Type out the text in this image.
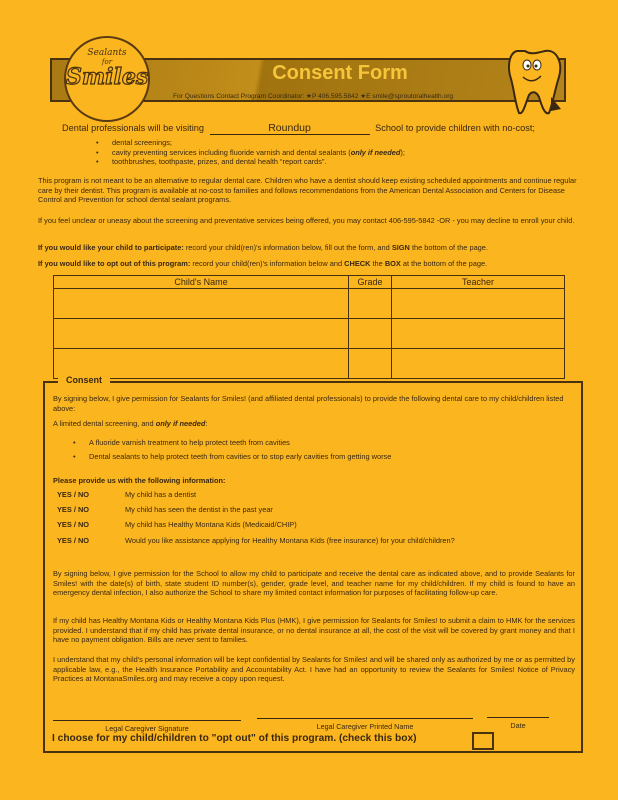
Consent Form
For Questions Contact Program Coordinator: ★P 406.595.5842 ★E smile@sproutoralhealth.org
Sealants
for
Smiles
Dental professionals will be visiting	Roundup	School to provide children with no-cost;
• dental screenings;
• cavity preventing services including fluoride varnish and dental sealants (only if needed);
• toothbrushes, toothpaste, prizes, and dental health “report cards”.
This program is not meant to be an alternative to regular dental care. Children who have a dentist should keep existing scheduled appointments and continue regular care by their dentist. This program is available at no-cost to families and follows recommendations from the American Dental Association and Centers for Disease Control and Prevention for school dental sealant programs.
If you feel unclear or uneasy about the screening and preventative services being offered, you may contact 406-595-5842 -OR - you may decline to enroll your child.
If you would like your child to participate: record your child(ren)'s information below, fill out the form, and SIGN the bottom of the page.
If you would like to opt out of this program: record your child(ren)'s information below and CHECK the BOX at the bottom of the page.
Child's Name	Grade	Teacher

By signing below, I give permission for Sealants for Smiles! (and affiliated dental professionals) to provide the following dental care to my child/children listed above:
A limited dental screening, and only if needed:
• A fluoride varnish treatment to help protect teeth from cavities
• Dental sealants to help protect teeth from cavities or to stop early cavities from getting worse
Please provide us with the following information:
YES / NO	My child has a dentist
YES / NO	My child has seen the dentist in the past year
YES / NO	My child has Healthy Montana Kids (Medicaid/CHIP)
YES / NO	Would you like assistance applying for Healthy Montana Kids (free insurance) for your child/children?
By signing below, I give permission for the School to allow my child to participate and receive the dental care as indicated above, and to provide Sealants for Smiles! with the date(s) of birth, state student ID number(s), gender, grade level, and teacher name for my child/children. If my child is found to have an emergency dental infection, I also authorize the School to share my limited contact information for purposes of facilitating follow-up care.
If my child has Healthy Montana Kids or Healthy Montana Kids Plus (HMK), I give permission for Sealants for Smiles! to submit a claim to HMK for the services provided. I understand that if my child has private dental insurance, or no dental insurance at all, the cost of the visit will be covered by grant money and that I have no payment obligation. Bills are never sent to families.
I understand that my child's personal information will be kept confidential by Sealants for Smiles! and will be shared only as authorized by me or as permitted by applicable law, e.g., the Health Insurance Portability and Accountability Act. I have had an opportunity to review the Sealants for Smiles! Notice of Privacy Practices at MontanaSmiles.org and may receive a copy upon request.
Legal Caregiver Signature	Legal Caregiver Printed Name	Date
Consent
I choose for my child/children to "opt out" of this program. (check this box)
